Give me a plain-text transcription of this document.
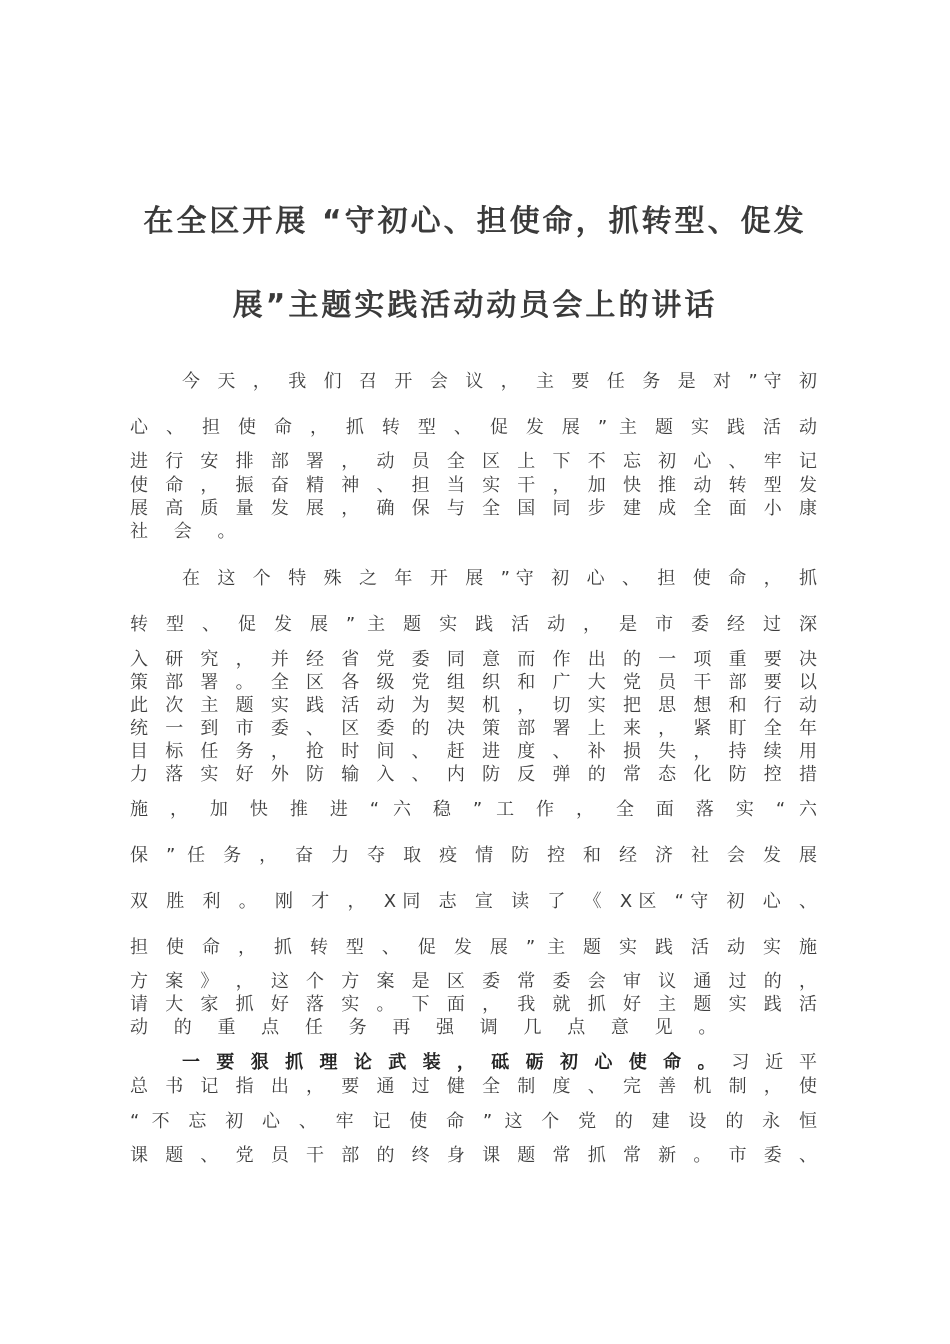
在全区开展 “守初心、担使命，抓转型、促发
展”主题实践活动动员会上的讲话
今 天 ， 我 们 召 开 会 议 ， 主 要 任 务 是 对 ”守 初
心 、 担 使 命 ， 抓 转 型 、 促 发 展 ” 主 题 实 践 活 动
进 行 安 排 部 署 ， 动 员 全 区 上 下 不 忘 初 心 、 牢 记
使 命 ， 振 奋 精 神 、 担 当 实 干 ， 加 快 推 动 转 型 发
展 高 质 量 发 展 ， 确 保 与 全 国 同 步 建 成 全 面 小 康
社 会 。
在 这 个 特 殊 之 年 开 展 ”守 初 心 、 担 使 命 ， 抓
转 型 、 促 发 展 ” 主 题 实 践 活 动 ， 是 市 委 经 过 深
入 研 究 ， 并 经 省 党 委 同 意 而 作 出 的 一 项 重 要 决
策 部 署 。 全 区 各 级 党 组 织 和 广 大 党 员 干 部 要 以
此 次 主 题 实 践 活 动 为 契 机 ， 切 实 把 思 想 和 行 动
统 一 到 市 委 、 区 委 的 决 策 部 署 上 来 ， 紧 盯 全 年
目 标 任 务 ， 抢 时 间 、 赶 进 度 、 补 损 失 ， 持 续 用
力 落 实 好 外 防 输 入 、 内 防 反 弹 的 常 态 化 防 控 措
施 ， 加 快 推 进 “ 六 稳 ” 工 作 ， 全 面 落 实 “ 六
保 ” 任 务 ， 奋 力 夺 取 疫 情 防 控 和 经 济 社 会 发 展
双 胜 利 。 刚 才 ， X同 志 宣 读 了 《 X区 “守 初 心 、
担 使 命 ， 抓 转 型 、 促 发 展 ” 主 题 实 践 活 动 实 施
方 案 》 ， 这 个 方 案 是 区 委 常 委 会 审 议 通 过 的 ，
请 大 家 抓 好 落 实 。 下 面 ， 我 就 抓 好 主 题 实 践 活
动 的 重 点 任 务 再 强 调 几 点 意 见 。
一 要 狠 抓 理 论 武 装 ， 砥 砺 初 心 使 命 。 习 近 平
总 书 记 指 出 ， 要 通 过 健 全 制 度 、 完 善 机 制 ， 使
“ 不 忘 初 心 、 牢 记 使 命 ” 这 个 党 的 建 设 的 永 恒
课 题 、 党 员 干 部 的 终 身 课 题 常 抓 常 新 。 市 委 、
